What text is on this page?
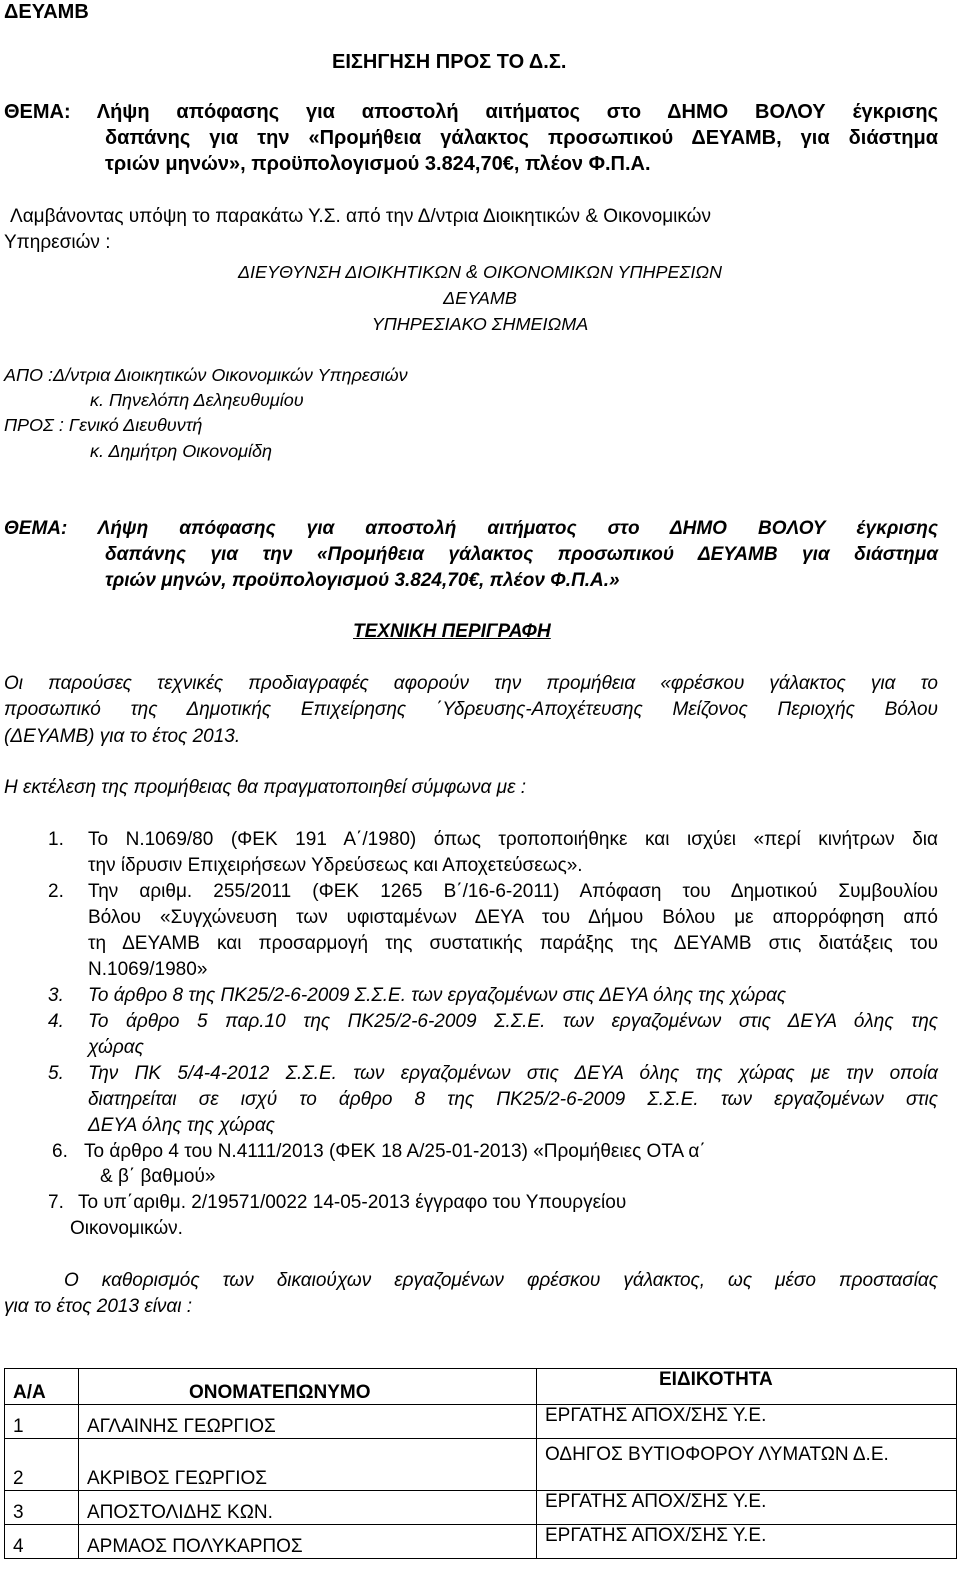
ΔΕΥΑΜΒ
ΕΙΣΗΓΗΣΗ ΠΡΟΣ ΤΟ Δ.Σ.
ΘΕΜΑ: Λήψη απόφασης για αποστολή αιτήματος στο ΔΗΜΟ ΒΟΛΟΥ έγκρισης
δαπάνης για την «Προμήθεια γάλακτος προσωπικού ΔΕΥΑΜΒ, για διάστημα
τριών μηνών», προϋπολογισμού 3.824,70€, πλέον Φ.Π.Α.
Λαμβάνοντας υπόψη το παρακάτω Υ.Σ. από την Δ/ντρια Διοικητικών & Οικονομικών
Υπηρεσιών :
ΔΙΕΥΘΥΝΣΗ ΔΙΟΙΚΗΤΙΚΩΝ & ΟΙΚΟΝΟΜΙΚΩΝ ΥΠΗΡΕΣΙΩΝ
ΔΕΥΑΜΒ
ΥΠΗΡΕΣΙΑΚΟ ΣΗΜΕΙΩΜΑ
ΑΠΟ :Δ/ντρια Διοικητικών Οικονομικών Υπηρεσιών
κ. Πηνελόπη Δεληευθυμίου
ΠΡΟΣ : Γενικό Διευθυντή
κ. Δημήτρη Οικονομίδη
ΘΕΜΑ: Λήψη απόφασης για αποστολή αιτήματος στο ΔΗΜΟ ΒΟΛΟΥ έγκρισης
δαπάνης για την «Προμήθεια γάλακτος προσωπικού ΔΕΥΑΜΒ για διάστημα
τριών μηνών, προϋπολογισμού 3.824,70€, πλέον Φ.Π.Α.»
ΤΕΧΝΙΚΗ ΠΕΡΙΓΡΑΦΗ
Οι παρούσες τεχνικές προδιαγραφές αφορούν την προμήθεια «φρέσκου γάλακτος για το
προσωπικό της Δημοτικής Επιχείρησης ΄Υδρευσης-Αποχέτευσης Μείζονος Περιοχής Βόλου
(ΔΕΥΑΜΒ) για το έτος 2013.
Η εκτέλεση της προμήθειας θα πραγματοποιηθεί σύμφωνα με :
1. Το Ν.1069/80 (ΦΕΚ 191 Α΄/1980) όπως τροποποιήθηκε και ισχύει «περί κινήτρων δια
την ίδρυσιν Επιχειρήσεων Υδρεύσεως και Αποχετεύσεως».
2. Την αριθμ. 255/2011 (ΦΕΚ 1265 Β΄/16-6-2011) Απόφαση του Δημοτικού Συμβουλίου
Βόλου «Συγχώνευση των υφισταμένων ΔΕΥΑ του Δήμου Βόλου με απορρόφηση από
τη ΔΕΥΑΜΒ και προσαρμογή της συστατικής παράξης της ΔΕΥΑΜΒ στις διατάξεις του
Ν.1069/1980»
3. Το άρθρο 8 της ΠΚ25/2-6-2009 Σ.Σ.Ε. των εργαζομένων στις ΔΕΥΑ όλης της χώρας
4. Το άρθρο 5 παρ.10 της ΠΚ25/2-6-2009 Σ.Σ.Ε. των εργαζομένων στις ΔΕΥΑ όλης της
χώρας
5. Την ΠΚ 5/4-4-2012 Σ.Σ.Ε. των εργαζομένων στις ΔΕΥΑ όλης της χώρας με την οποία
διατηρείται σε ισχύ το άρθρο 8 της ΠΚ25/2-6-2009 Σ.Σ.Ε. των εργαζομένων στις
ΔΕΥΑ όλης της χώρας
6. Το άρθρο 4 του Ν.4111/2013 (ΦΕΚ 18 Α/25-01-2013) «Προμήθειες ΟΤΑ α΄
& β΄ βαθμού»
7. Το υπ΄αριθμ. 2/19571/0022 14-05-2013 έγγραφο του Υπουργείου
Οικονομικών.
Ο καθορισμός των δικαιούχων εργαζομένων φρέσκου γάλακτος, ως μέσο προστασίας
για το έτος 2013 είναι :
Α/Α	ΟΝΟΜΑΤΕΠΩΝΥΜΟ	ΕΙΔΙΚΟΤΗΤΑ
1	ΑΓΛΑΙΝΗΣ ΓΕΩΡΓΙΟΣ	ΕΡΓΑΤΗΣ ΑΠΟΧ/ΣΗΣ Υ.Ε.
2	ΑΚΡΙΒΟΣ ΓΕΩΡΓΙΟΣ	ΟΔΗΓΟΣ ΒΥΤΙΟΦΟΡΟΥ ΛΥΜΑΤΩΝ Δ.Ε.
3	ΑΠΟΣΤΟΛΙΔΗΣ ΚΩΝ.	ΕΡΓΑΤΗΣ ΑΠΟΧ/ΣΗΣ Υ.Ε.
4	ΑΡΜΑΟΣ ΠΟΛΥΚΑΡΠΟΣ	ΕΡΓΑΤΗΣ ΑΠΟΧ/ΣΗΣ Υ.Ε.
